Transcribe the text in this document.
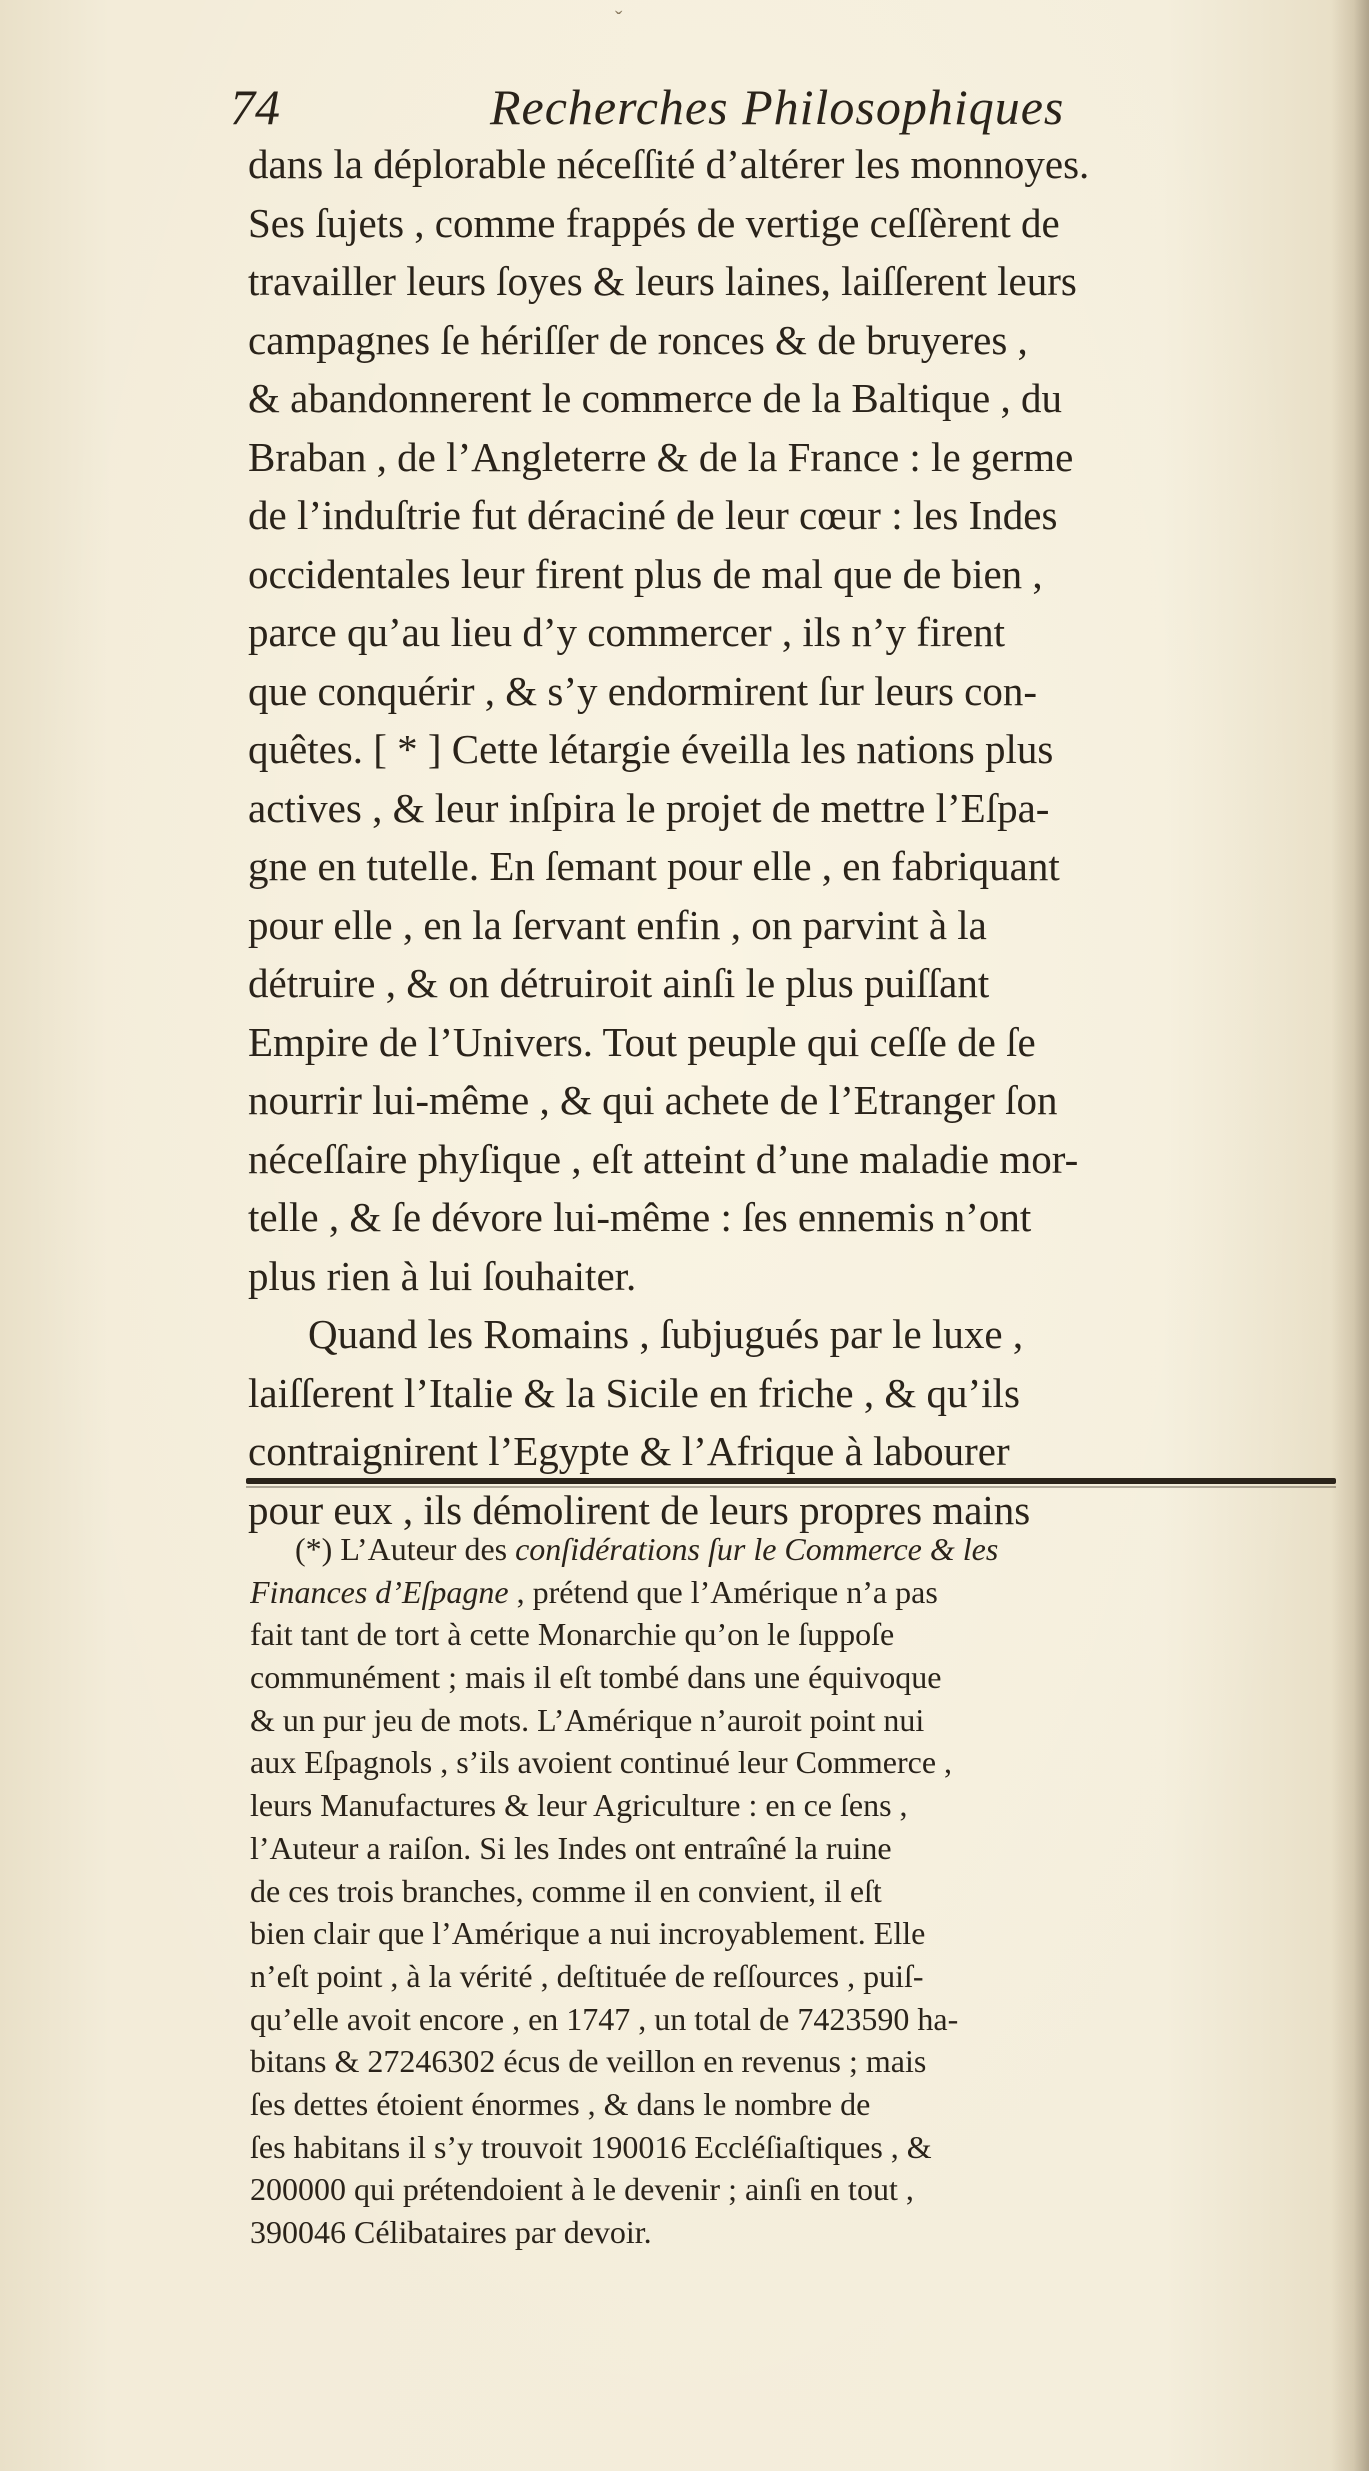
ˇ
74	Recherches Philosophiques
dans la déplorable néceſſité d’altérer les monnoyes.
Ses ſujets , comme frappés de vertige ceſſèrent de
travailler leurs ſoyes & leurs laines, laiſſerent leurs
campagnes ſe hériſſer de ronces & de bruyeres ,
& abandonnerent le commerce de la Baltique , du
Braban , de l’Angleterre & de la France : le germe
de l’induſtrie fut déraciné de leur cœur : les Indes
occidentales leur firent plus de mal que de bien ,
parce qu’au lieu d’y commercer , ils n’y firent
que conquérir , & s’y endormirent ſur leurs con-
quêtes. [ * ] Cette létargie éveilla les nations plus
actives , & leur inſpira le projet de mettre l’Eſpa-
gne en tutelle. En ſemant pour elle , en fabriquant
pour elle , en la ſervant enfin , on parvint à la
détruire , & on détruiroit ainſi le plus puiſſant
Empire de l’Univers. Tout peuple qui ceſſe de ſe
nourrir lui-même , & qui achete de l’Etranger ſon
néceſſaire phyſique , eſt atteint d’une maladie mor-
telle , & ſe dévore lui-même : ſes ennemis n’ont
plus rien à lui ſouhaiter.
Quand les Romains , ſubjugués par le luxe ,
laiſſerent l’Italie & la Sicile en friche , & qu’ils
contraignirent l’Egypte & l’Afrique à labourer
pour eux , ils démolirent de leurs propres mains
(*) L’Auteur des conſidérations ſur le Commerce & les
Finances d’Eſpagne , prétend que l’Amérique n’a pas
fait tant de tort à cette Monarchie qu’on le ſuppoſe
communément ; mais il eſt tombé dans une équivoque
& un pur jeu de mots. L’Amérique n’auroit point nui
aux Eſpagnols , s’ils avoient continué leur Commerce ,
leurs Manufactures & leur Agriculture : en ce ſens ,
l’Auteur a raiſon. Si les Indes ont entraîné la ruine
de ces trois branches, comme il en convient, il eſt
bien clair que l’Amérique a nui incroyablement. Elle
n’eſt point , à la vérité , deſtituée de reſſources , puiſ-
qu’elle avoit encore , en 1747 , un total de 7423590 ha-
bitans & 27246302 écus de veillon en revenus ; mais
ſes dettes étoient énormes , & dans le nombre de
ſes habitans il s’y trouvoit 190016 Eccléſiaſtiques , &
200000 qui prétendoient à le devenir ; ainſi en tout ,
390046 Célibataires par devoir.
